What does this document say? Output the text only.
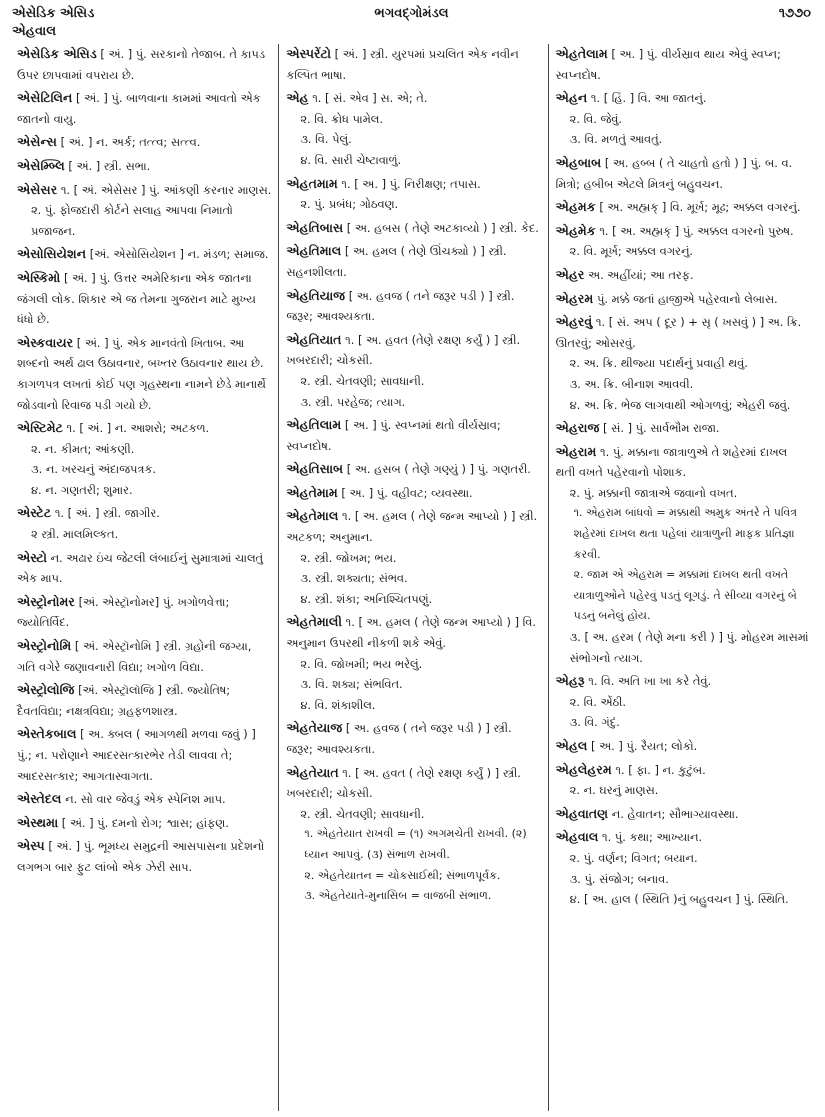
એસેડિક એસિડ	ભગવદ્ગોમંડલ	૧૭૭૦
એહવાલ
એસેડિક એસિડ [ અં. ] પું. સરકાનો તેજાબ. તે કાપડ ઉપર છાપવામાં વપરાય છે.
એસેટિલિન [ અં. ] પું. બાળવાના કામમાં આવતો એક જાતનો વાયુ.
એસેન્સ [ અં. ] ન. અર્ક; તત્ત્વ; સત્ત્વ.
એસેમ્બ્લિ [ અં. ] સ્ત્રી. સભા.
એસેસર ૧. [ અં. એસેસર ] પું. આંકણી કરનાર માણસ.
૨. પું. ફોજદારી કોર્ટને સલાહ આપવા નિમાતો પ્રજાજન.
એસોસિયેશન [અં. એસોસિયેશન ] ન. મંડળ; સમાજ.
એસ્કિમો [ અં. ] પું. ઉત્તર અમેરિકાના એક જાતના જંગલી લોક. શિકાર એ જ તેમના ગુજરાન માટે મુખ્ય ધંધો છે.
એસ્કવાયર [ અં. ] પું. એક માનવંતો ખિતાબ. આ શબ્દનો અર્થ ઢાલ ઉઠાવનાર, બખ્તર ઉઠાવનાર થાય છે. કાગળપત્ર લખતાં કોઈ પણ ગૃહસ્થના નામને છેડે માનાર્થે જોડવાનો રિવાજ પડી ગયો છે.
એસ્ટિમેટ ૧. [ અં. ] ન. આશરો; અટકળ.
૨. ન. કીમત; આંકણી.
૩. ન. ખરચનું અંદાજપત્રક.
૪. ન. ગણતરી; શુમાર.
એસ્ટેટ ૧. [ અં. ] સ્ત્રી. જાગીર.
૨ સ્ત્રી. માલમિલ્કત.
એસ્ટો ન. અઢાર ઇંચ જેટલી લંબાઈનું સુમાત્રામાં ચાલતું એક માપ.
એસ્ટ્રોનોમર [અં. એસ્ટ્રૉનોમર] પું. ખગોળવેત્તા; જ્યોતિર્વિદ.
એસ્ટ્રોનોમિ [ અં. એસ્ટ્રૉનોમિ ] સ્ત્રી. ગ્રહોની જગ્યા, ગતિ વગેરે જણાવનારી વિદ્યા; ખગોળ વિદ્યા.
એસ્ટ્રોલોજિ [અં. એસ્ટ્રૉલૉજિ ] સ્ત્રી. જ્યોતિષ; દૈવતવિદ્યા; નક્ષત્રવિદ્યા; ગ્રહફળશાસ્ત્ર.
એસ્તેકબાલ [ અ. ક્બલ ( આગળથી મળવા જવું ) ] પું.; ન. પરોણાને આદરસત્કારભેર તેડી લાવવા તે; આદરસત્કાર; આગતાસ્વાગતા.
એસ્તેદલ ન. સો વાર જેવડું એક સ્પેનિશ માપ.
એસ્થમા [ અં. ] પું. દમનો રોગ; શ્વાસ; હાંફણ.
એસ્પ [ અં. ] પું. ભૂમધ્ય સમુદ્રની આસપાસના પ્રદેશનો લગભગ બાર ફુટ લાંબો એક ઝેરી સાપ.
એસ્પરેંટો [ અં. ] સ્ત્રી. યુરપમાં પ્રચલિત એક નવીન કલ્પિત ભાષા.
એહ ૧. [ સં. એવ ] સ. એ; તે.
૨. વિ. ક્રોધ પામેલ.
૩. વિ. પેલું.
૪. વિ. સારી ચેષ્ટાવાળું.
એહતમામ ૧. [ અ. ] પું. નિરીક્ષણ; તપાસ.
૨. પું. પ્રબંધ; ગોઠવણ.
એહતિબાસ [ અ. હબસ ( તેણે અટકાવ્યો ) ] સ્ત્રી. કેદ.
એહતિમાલ [ અ. હમલ ( તેણે ઊંચક્યો ) ] સ્ત્રી. સહનશીલતા.
એહતિયાજ [ અ. હવજ ( તને જરૂર પડી ) ] સ્ત્રી. જરૂર; આવશ્યકતા.
એહતિયાત ૧. [ અ. હવત (તેણે રક્ષણ કર્યું ) ] સ્ત્રી. ખબરદારી; ચોકસી.
૨. સ્ત્રી. ચેતવણી; સાવધાની.
૩. સ્ત્રી. પરહેજ; ત્યાગ.
એહતિલામ [ અ. ] પું. સ્વપ્નમાં થતો વીર્યસ્રાવ; સ્વપ્નદોષ.
એહતિસાબ [ અ. હસબ ( તેણે ગણ્યું ) ] પું. ગણતરી.
એહતેમામ [ અ. ] પું. વહીવટ; વ્યવસ્થા.
એહતેમાલ ૧. [ અ. હમલ ( તેણે જન્મ આપ્યો ) ] સ્ત્રી. અટકળ; અનુમાન.
૨. સ્ત્રી. જોખમ; ભય.
૩. સ્ત્રી. શક્યતા; સંભવ.
૪. સ્ત્રી. શંકા; અનિશ્ચિતપણું.
એહતેમાલી ૧. [ અ. હમલ ( તેણે જન્મ આપ્યો ) ] વિ. અનુમાન ઉપરથી નીકળી શકે એવું.
૨. વિ. જોખમી; ભય ભરેલું.
૩. વિ. શક્ય; સંભવિત.
૪. વિ. શંકાશીલ.
એહતેયાજ [ અ. હવજ ( તને જરૂર પડી ) ] સ્ત્રી. જરૂર; આવશ્યકતા.
એહતેયાત ૧. [ અ. હવત ( તેણે રક્ષણ કર્યું ) ] સ્ત્રી. ખબરદારી; ચોકસી.
૨. સ્ત્રી. ચેતવણી; સાવધાની.
૧. એહતેયાત રાખવી = (૧) અગમચેતી રાખવી. (૨) ધ્યાન આપવું. (૩) સંભાળ રાખવી.
૨. એહતેયાતન = ચોકસાઈથી; સંભાળપૂર્વક.
૩. એહતેયાતે-મુનાસિબ = વાજબી સંભાળ.
એહતેલામ [ અ. ] પું. વીર્યસ્રાવ થાય એવું સ્વપ્ન; સ્વપ્નદોષ.
એહન ૧. [ હિં. ] વિ. આ જાતનું.
૨. વિ. જેવું.
૩. વિ. મળતું આવતું.
એહબાબ [ અ. હબ્બ ( તે ચાહતો હતો ) ] પું. બ. વ. મિત્રો; હબીબ એટલે મિત્રનું બહુવચન.
એહમક [ અ. અહ્મક્ ] વિ. મૂર્ખ; મૂઢ; અક્કલ વગરનું.
એહમેક ૧. [ અ. અહ્મક્ ] પું. અક્કલ વગરનો પુરુષ.
૨. વિ. મૂર્ખ; અક્કલ વગરનું.
એહર અ. અહીંયાં; આ તરફ.
એહરમ પું. મક્કે જતાં હાજીએ પહેરવાનો લેબાસ.
એહરવું ૧. [ સં. અપ ( દૂર ) + સૃ ( ખસવું ) ] અ. ક્રિ. ઊતરવું; ઓસરવું.
૨. અ. ક્રિ. થીજ્યા પદાર્થનું પ્રવાહી થવું.
૩. અ. ક્રિ. બીનાશ આવવી.
૪. અ. ક્રિ. ભેજ લાગવાથી ઓગળવું; એહરી જવું.
એહરાજ [ સં. ] પું. સાર્વભૌમ રાજા.
એહરામ ૧. પું. મક્કાના જાત્રાળુએ તે શહેરમાં દાખલ થતી વખતે પહેરવાનો પોશાક.
૨. પું. મક્કાની જાત્રાએ જવાનો વખત.
૧. એહરામ બાંધવો = મક્કાથી અમુક અંતરે તે પવિત્ર શહેરમાં દાખલ થતા પહેલાં યાત્રાળુની માફક પ્રતિજ્ઞા કરવી.
૨. જામ એ એહરામ = મક્કામાં દાખલ થતી વખતે યાત્રાળુઓને પહેરવું પડતું લૂગડું. તે સીવ્યા વગરનું બે પડનું બનેલું હોય.
૩. [ અ. હરમ ( તેણે મના કરી ) ] પું. મોહરમ માસમાં સંભોગનો ત્યાગ.
એહરૂ ૧. વિ. અતિ ખા ખા કરે તેવું.
૨. વિ. એંઠી.
૩. વિ. ગંદું.
એહલ [ અ. ] પું. રૈયત; લોકો.
એહલેહરમ ૧. [ ફા. ] ન. કુટુંબ.
૨. ન. ઘરનું માણસ.
એહવાતણ ન. હેવાતન; સૌભાગ્યાવસ્થા.
એહવાલ ૧. પું. કથા; આખ્યાન.
૨. પું. વર્ણન; વિગત; બયાન.
૩. પું. સંજોગ; બનાવ.
૪. [ અ. હાલ ( સ્થિતિ )નું બહુવચન ] પું. સ્થિતિ.
